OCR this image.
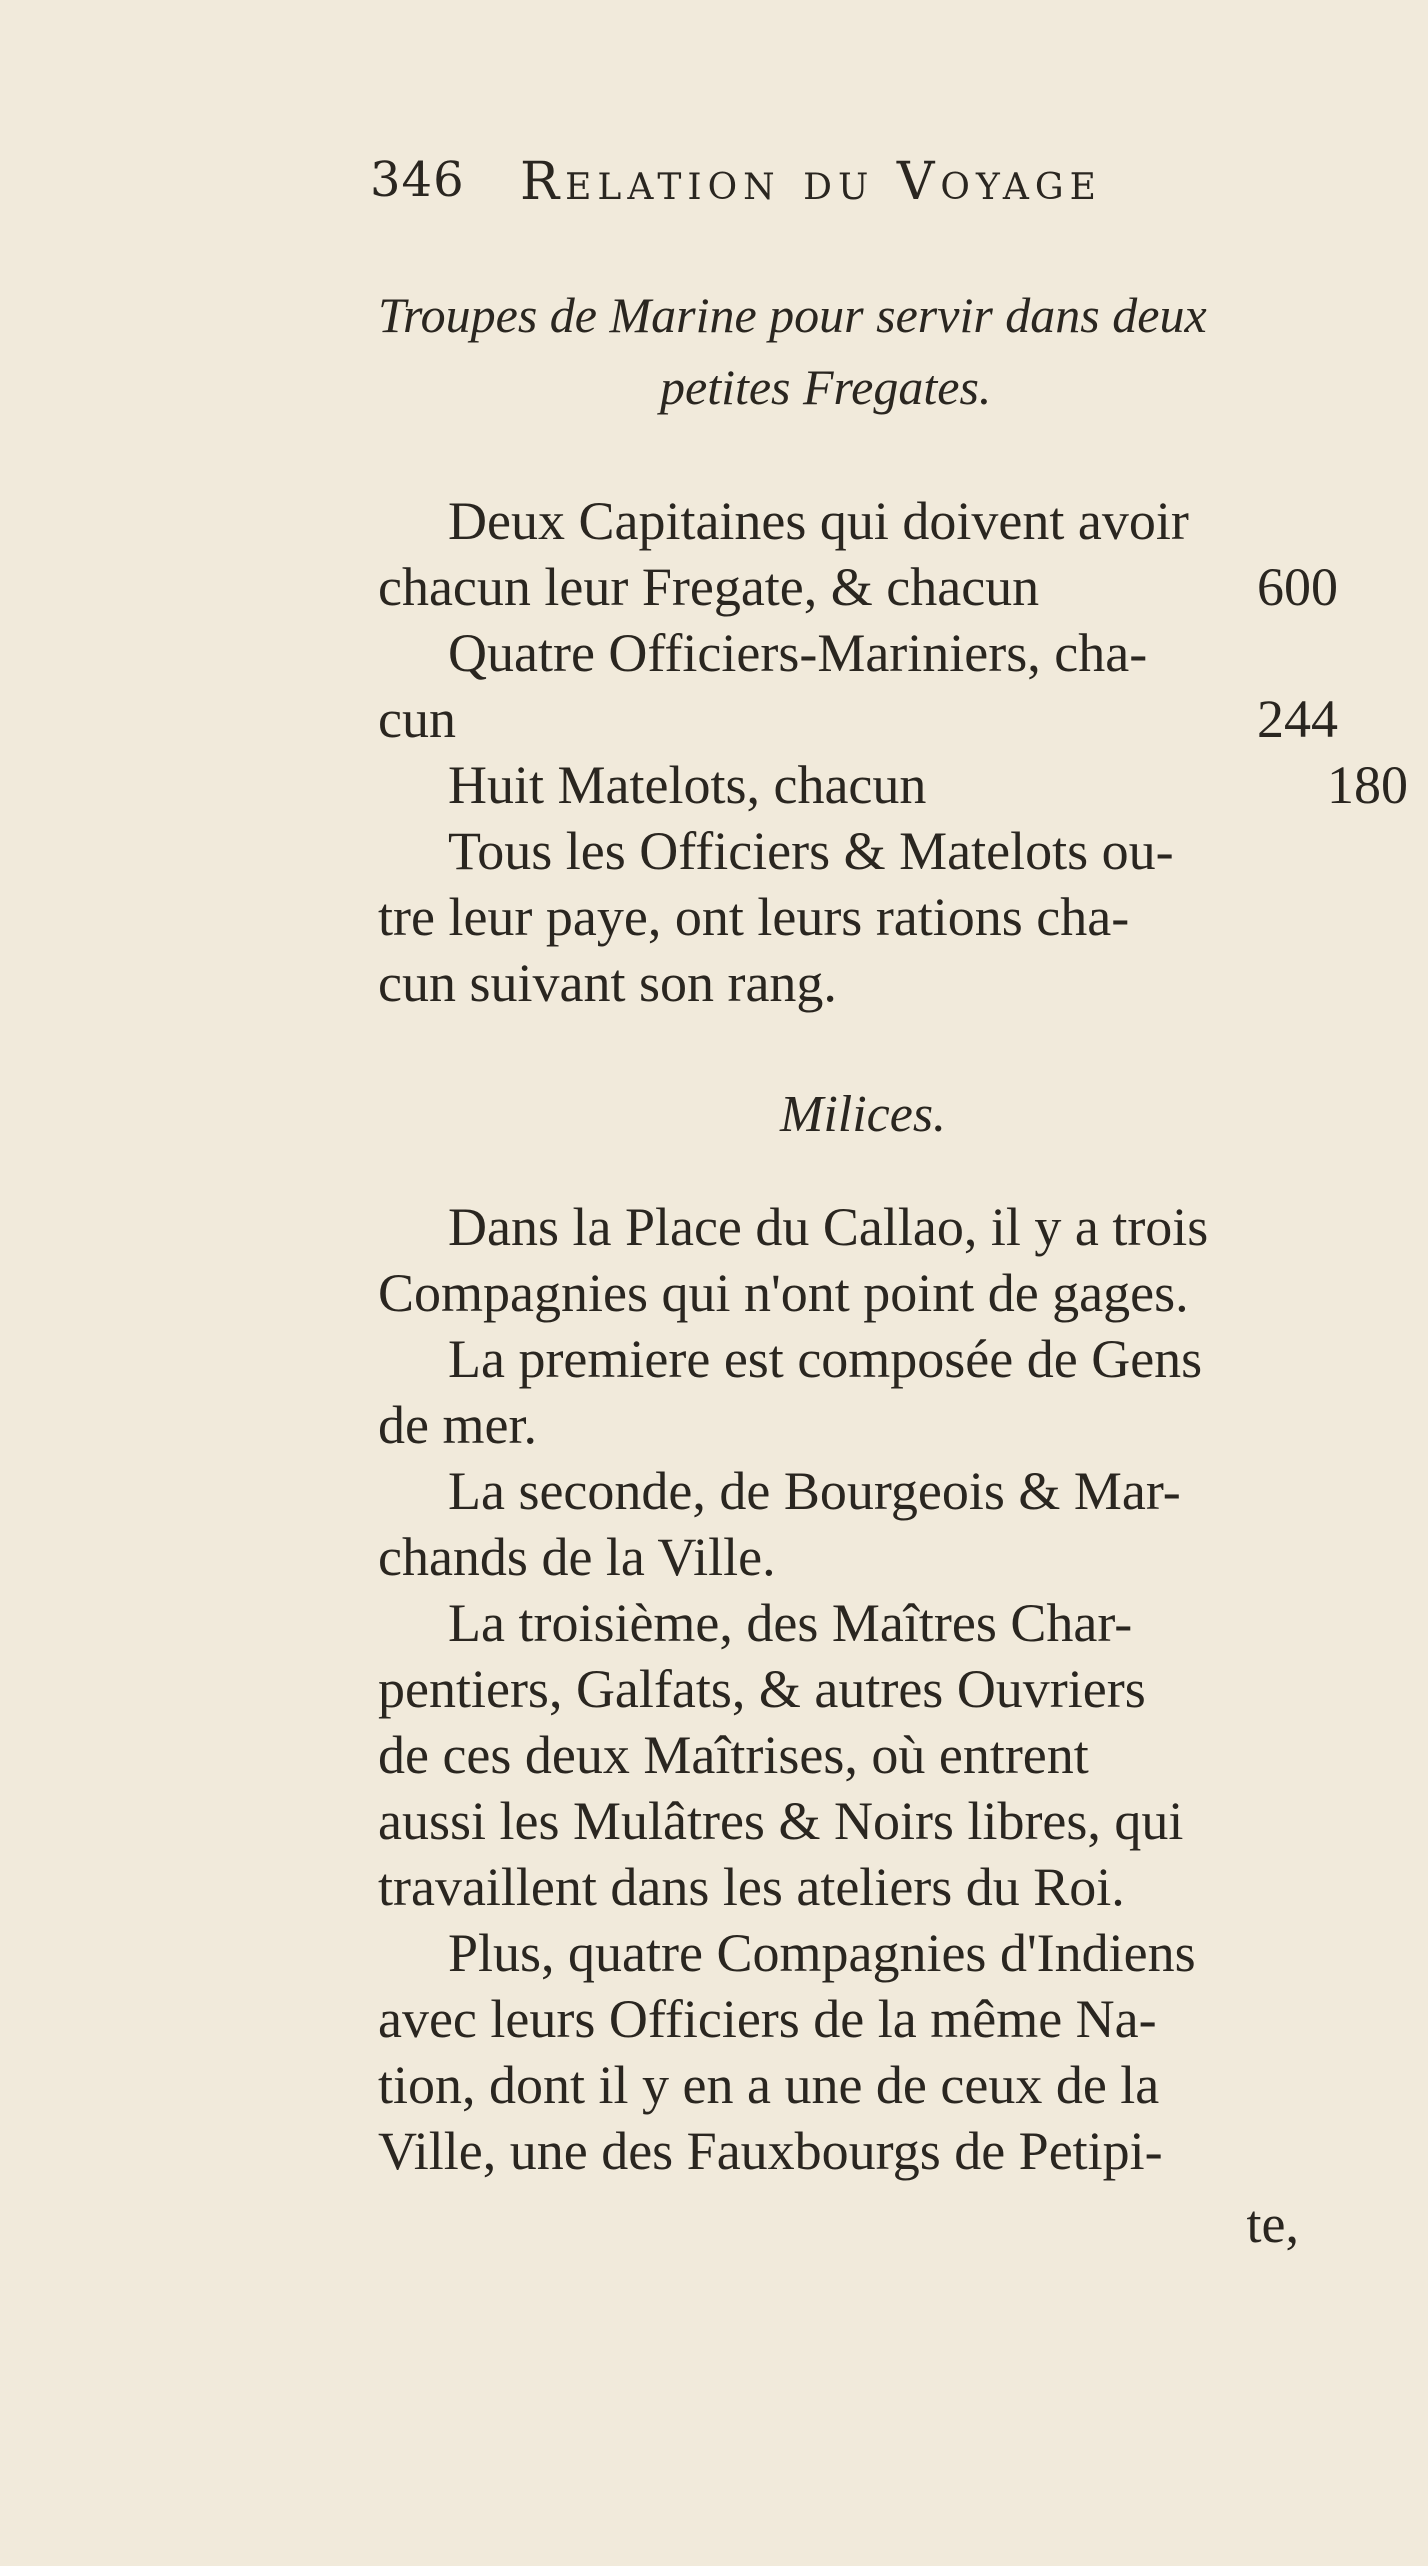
346 Relation du Voyage
Troupes de Marine pour servir dans deux
petites Fregates.
Deux Capitaines qui doivent avoir
chacun leur Fregate, & chacun	600
Quatre Officiers-Mariniers, cha-
cun	244
Huit Matelots, chacun	180
Tous les Officiers & Matelots ou-
tre leur paye, ont leurs rations cha-
cun suivant son rang.
Milices.
Dans la Place du Callao, il y a trois
Compagnies qui n'ont point de gages.
La premiere est composée de Gens
de mer.
La seconde, de Bourgeois & Mar-
chands de la Ville.
La troisième, des Maîtres Char-
pentiers, Galfats, & autres Ouvriers
de ces deux Maîtrises, où entrent
aussi les Mulâtres & Noirs libres, qui
travaillent dans les ateliers du Roi.
Plus, quatre Compagnies d'Indiens
avec leurs Officiers de la même Na-
tion, dont il y en a une de ceux de la
Ville, une des Fauxbourgs de Petipi-
te,
